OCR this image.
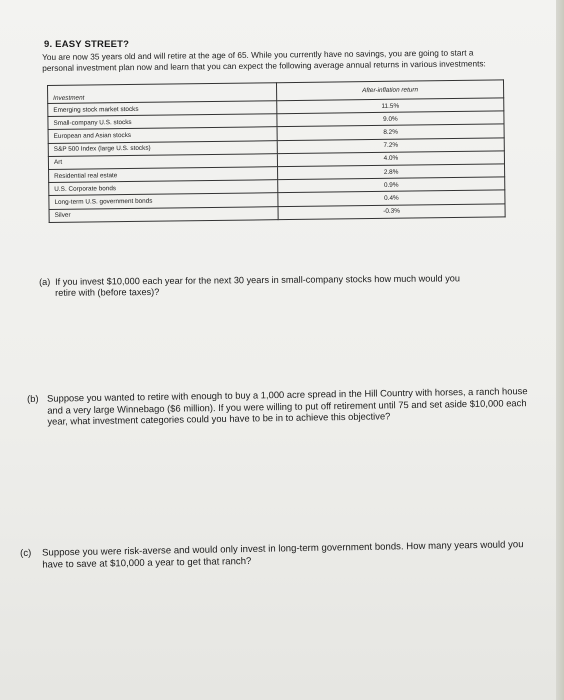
9. EASY STREET?
You are now 35 years old and will retire at the age of 65. While you currently have no savings, you are going to start a personal investment plan now and learn that you can expect the following average annual returns in various investments:
Investment	After-inflation return
Emerging stock market stocks	11.5%
Small-company U.S. stocks	9.0%
European and Asian stocks	8.2%
S&P 500 Index (large U.S. stocks)	7.2%
Art	4.0%
Residential real estate	2.8%
U.S. Corporate bonds	0.9%
Long-term U.S. government bonds	0.4%
Silver	-0.3%
(a) If you invest $10,000 each year for the next 30 years in small-company stocks how much would you retire with (before taxes)?
(b) Suppose you wanted to retire with enough to buy a 1,000 acre spread in the Hill Country with horses, a ranch house and a very large Winnebago ($6 million). If you were willing to put off retirement until 75 and set aside $10,000 each year, what investment categories could you have to be in to achieve this objective?
(c) Suppose you were risk-averse and would only invest in long-term government bonds. How many years would you have to save at $10,000 a year to get that ranch?
